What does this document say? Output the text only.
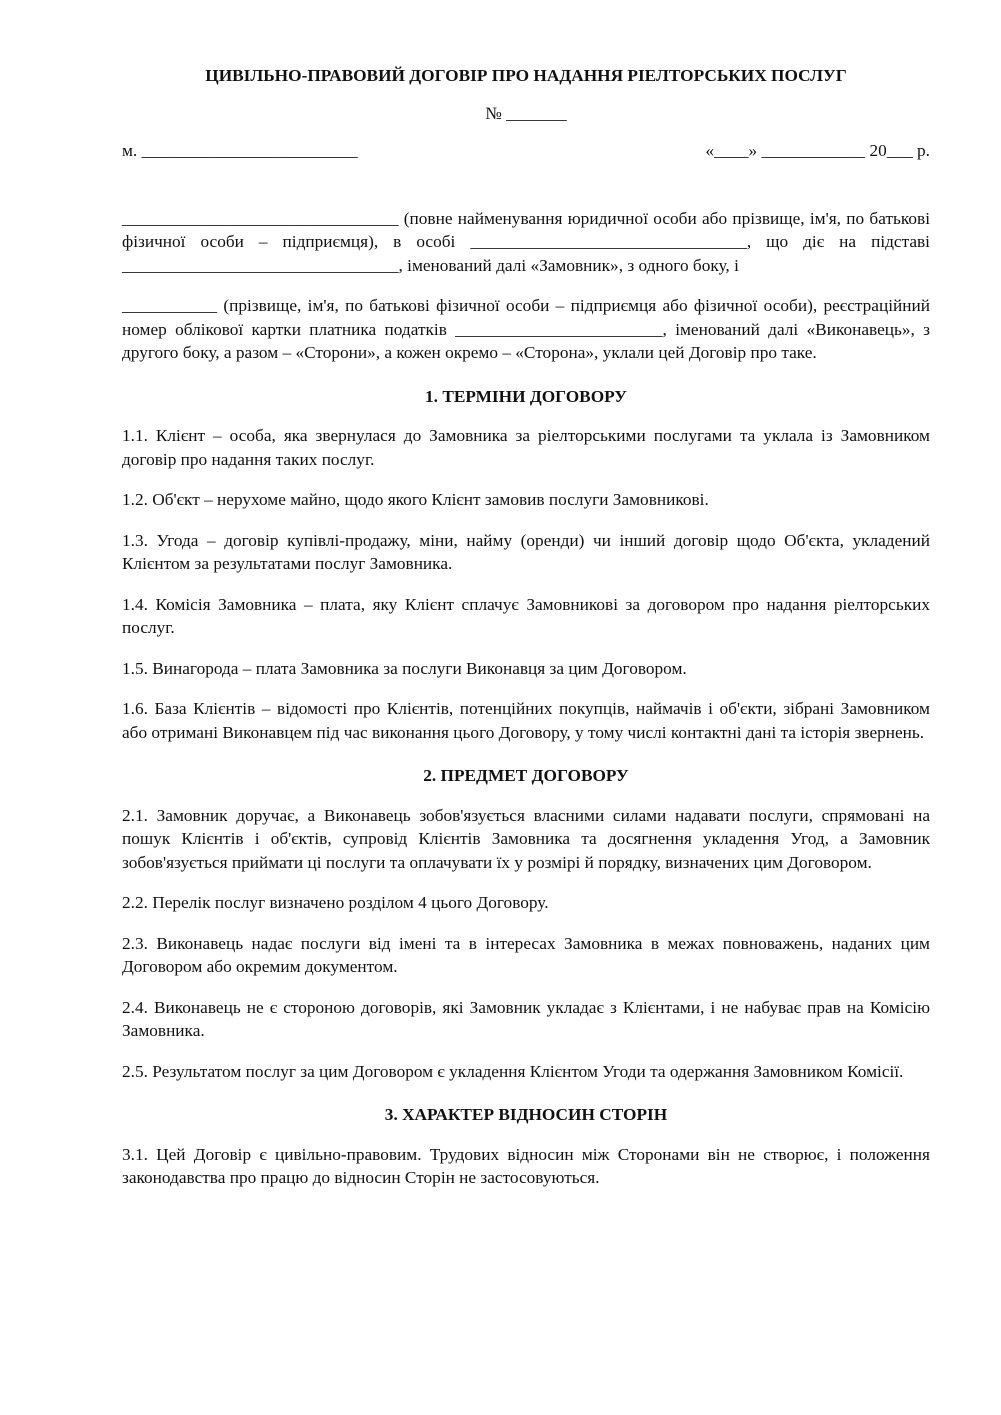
ЦИВІЛЬНО-ПРАВОВИЙ ДОГОВІР ПРО НАДАННЯ РІЕЛТОРСЬКИХ ПОСЛУГ

№ _______

м. _________________________	«____» ____________ 20___ р.

________________________________ (повне найменування юридичної особи або прізвище, ім'я, по батькові фізичної особи – підприємця), в особі ________________________________, що діє на підставі ________________________________, іменований далі «Замовник», з одного боку, і

___________ (прізвище, ім'я, по батькові фізичної особи – підприємця або фізичної особи), реєстраційний номер облікової картки платника податків ________________________, іменований далі «Виконавець», з другого боку, а разом – «Сторони», а кожен окремо – «Сторона», уклали цей Договір про таке.

1. ТЕРМІНИ ДОГОВОРУ

1.1. Клієнт – особа, яка звернулася до Замовника за ріелторськими послугами та уклала із Замовником договір про надання таких послуг.

1.2. Об'єкт – нерухоме майно, щодо якого Клієнт замовив послуги Замовникові.

1.3. Угода – договір купівлі-продажу, міни, найму (оренди) чи інший договір щодо Об'єкта, укладений Клієнтом за результатами послуг Замовника.

1.4. Комісія Замовника – плата, яку Клієнт сплачує Замовникові за договором про надання ріелторських послуг.

1.5. Винагорода – плата Замовника за послуги Виконавця за цим Договором.

1.6. База Клієнтів – відомості про Клієнтів, потенційних покупців, наймачів і об'єкти, зібрані Замовником або отримані Виконавцем під час виконання цього Договору, у тому числі контактні дані та історія звернень.

2. ПРЕДМЕТ ДОГОВОРУ

2.1. Замовник доручає, а Виконавець зобов'язується власними силами надавати послуги, спрямовані на пошук Клієнтів і об'єктів, супровід Клієнтів Замовника та досягнення укладення Угод, а Замовник зобов'язується приймати ці послуги та оплачувати їх у розмірі й порядку, визначених цим Договором.

2.2. Перелік послуг визначено розділом 4 цього Договору.

2.3. Виконавець надає послуги від імені та в інтересах Замовника в межах повноважень, наданих цим Договором або окремим документом.

2.4. Виконавець не є стороною договорів, які Замовник укладає з Клієнтами, і не набуває прав на Комісію Замовника.

2.5. Результатом послуг за цим Договором є укладення Клієнтом Угоди та одержання Замовником Комісії.

3. ХАРАКТЕР ВІДНОСИН СТОРІН

3.1. Цей Договір є цивільно-правовим. Трудових відносин між Сторонами він не створює, і положення законодавства про працю до відносин Сторін не застосовуються.
